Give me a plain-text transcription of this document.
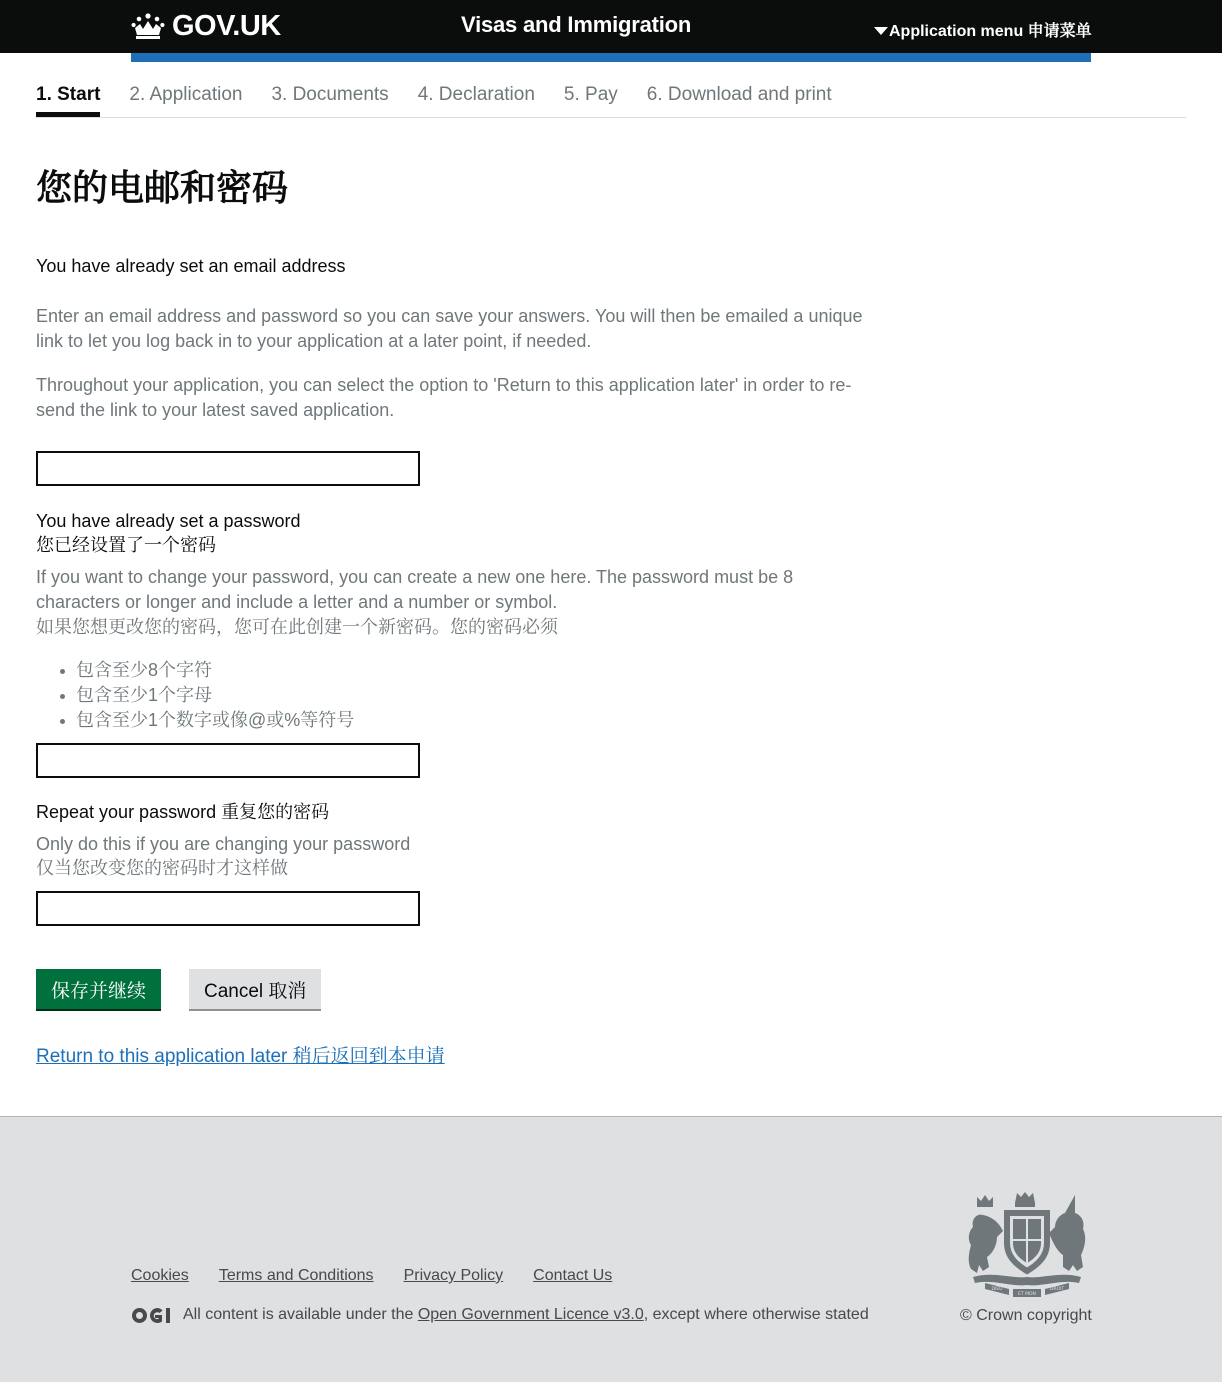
GOV.UK	Visas and Immigration	Application menu 申请菜单
1. Start 2. Application 3. Documents 4. Declaration 5. Pay 6. Download and print
您的电邮和密码
You have already set an email address
Enter an email address and password so you can save your answers. You will then be emailed a unique link to let you log back in to your application at a later point, if needed.
Throughout your application, you can select the option to 'Return to this application later' in order to re-send the link to your latest saved application.
You have already set a password
您已经设置了一个密码
If you want to change your password, you can create a new one here. The password must be 8 characters or longer and include a letter and a number or symbol.
如果您想更改您的密码，您可在此创建一个新密码。您的密码必须
包含至少8个字符
包含至少1个字母
包含至少1个数字或像@或%等符号
Repeat your password 重复您的密码
Only do this if you are changing your password
仅当您改变您的密码时才这样做
保存并继续	Cancel 取消
Return to this application later 稍后返回到本申请
Cookies Terms and Conditions Privacy Policy Contact Us
All content is available under the Open Government Licence v3.0 , except where otherwise stated
DIEU
ET MON
DROIT
© Crown copyright
